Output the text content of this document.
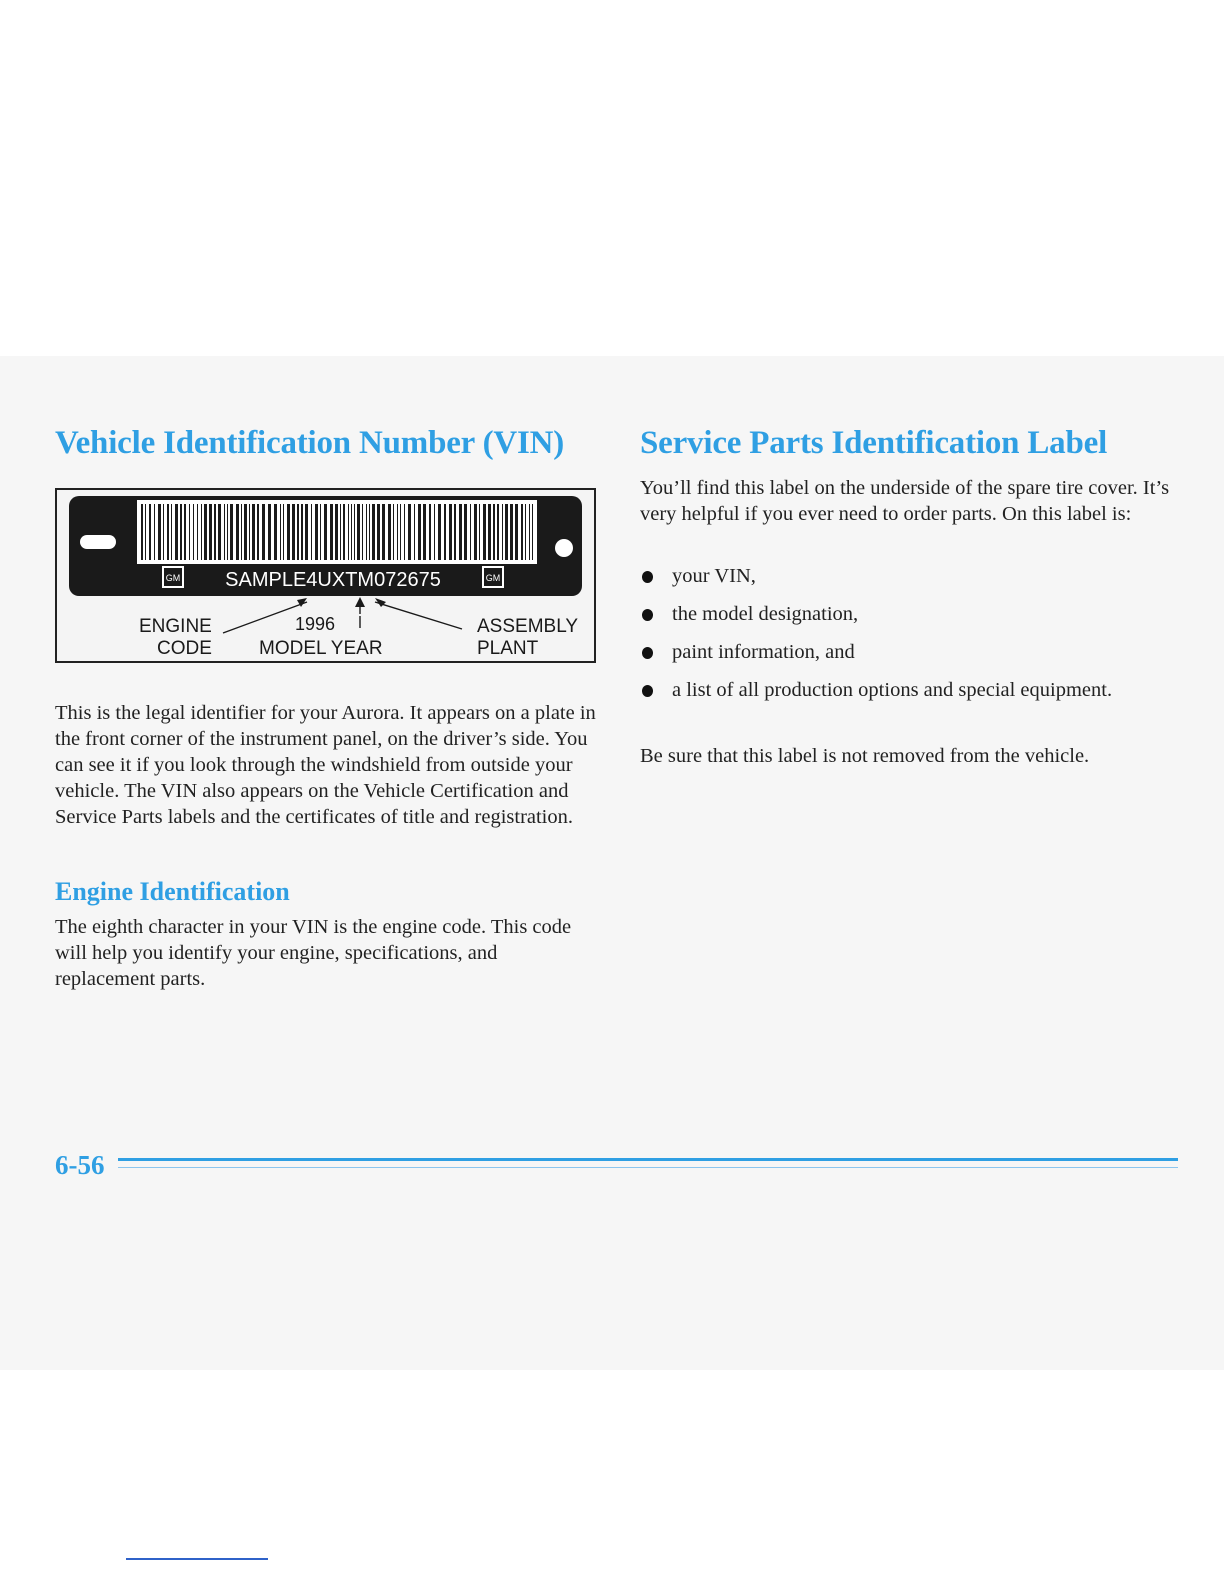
Vehicle Identification Number (VIN)
GM	GM
SAMPLE4UXTM072675
ENGINE
CODE
1996
MODEL YEAR
ASSEMBLY
PLANT

This is the legal identifier for your Aurora. It appears on a plate in the front corner of the instrument panel, on the driver’s side. You can see it if you look through the windshield from outside your vehicle. The VIN also appears on the Vehicle Certification and Service Parts labels and the certificates of title and registration.

Engine Identification

The eighth character in your VIN is the engine code. This code will help you identify your engine, specifications, and replacement parts.

Service Parts Identification Label

You’ll find this label on the underside of the spare tire cover. It’s very helpful if you ever need to order parts. On this label is:

your VIN,
the model designation,
paint information, and
a list of all production options and special equipment.

Be sure that this label is not removed from the vehicle.

6-56
